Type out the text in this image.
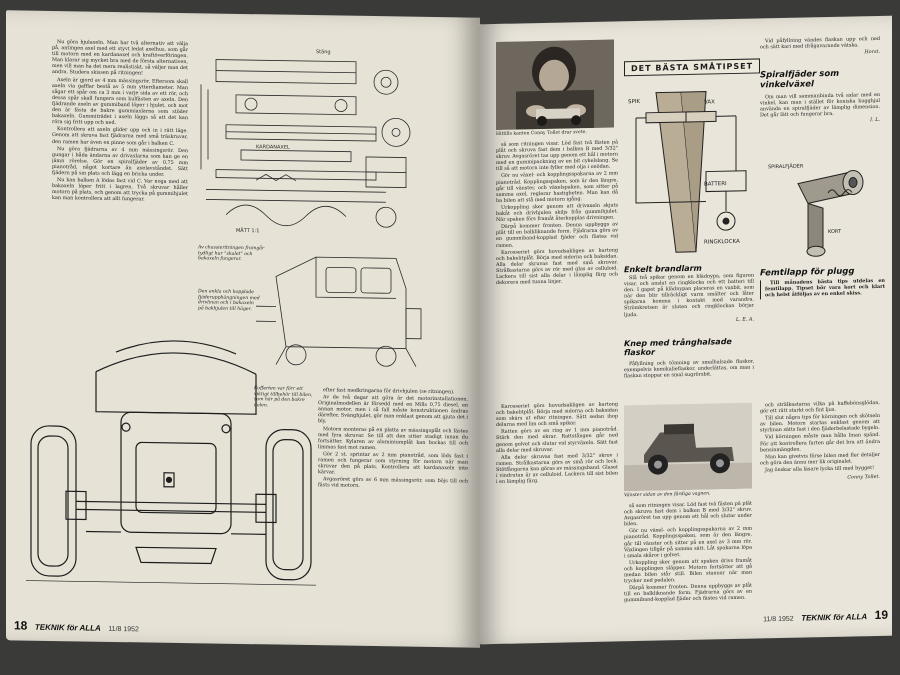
Nu göra hjulaxeln. Man har två alternativ att välja på, antingen axel med ett styvt ledat axelhus, som går till motorn med en kardanaxel och kraftöverföringen. Man klarar sig mycket bra med de första alternativen, men vill man ha det mera realistiskt, så väljer man det andra. Studera skissen på ritningen!

Axeln är gjord av 4 mm mässingsrör. Eftersom skall axeln via gafflar bestå av 5 mm ytterdiameter. Man sågar ett spår om ca 3 mm i varje sida av ett rör, och dessa spår skall fungera som kulfästen av axeln. Den fjädrande axeln av gummiband löper i hjulet, och mot den är fästa de bakre gummiaxlarna som stöder bakaxeln. Gummiträdet i axeln läggs så att det kan röra sig fritt upp och ned.

Kontrollera att axeln glider upp och in i rätt läge. Genom att skruva fast fjädrarna med små träskruvar, den ramen har även en pinne som går i balken C.

Nu göra fjädrarna av 4 mm mässingsrör. Den gungar i båda ändarna av drivaxlarna som kan ge en jämn rörelse. Gör en spiralfjäder av 0,75 mm pianotråd, något kortare än axelavståndet. Sätt fjädern på sin plats och lägg en bricka under.

Nu kan balken A lödas fast vid C. Var noga med att bakaxeln löper fritt i lagren. Två skruvar håller motorn på plats, och genom att trycka på gummihjulet kan man kontrollera att allt fungerar.

Stäng
MÅTT 1:1
KARDANAXEL
Av chassieritningen framgår tydligt hur ”skalet” och bakaxeln fungerar.
Den enkla och kopplade fjäderupphängningen med drivlinan och i bakaxeln på bakhjulen till höger.
Kofferten var förr ett viktigt tillbehör till bilen, som här på den bakre delen.

efter fast medkringarna för drivhjulen (se ritningen).

Av de två dagar att göra är det motorinstallationen. Originalmodellen är försedd med en Mills 0,75 diesel, en annan motor, men i så fall måste konstruktionen ändras därefter. Svänghjulet, gör man enklast genom att gjuta det i bly.

Motorn monteras på en platta av mässingsplåt och fästes med fyra skruvar. Se till att den sitter stadigt innan du fortsätter. Kylaren av aluminiumplåt kan bockas till och limmas fast mot ramen.

Gör 2 st. sprintar av 2 mm pianotråd, som löds fast i ramen och fungerar som styrning för motorn när man skruvar den på plats. Kontrollera att kardanaxeln inte kärvar.

Avgasröret görs av 6 mm mässingsrör, som böjs till och fästs vid motorn.

18 TEKNIK för ALLA 11/8 1952
Hittills kanten Conny Tollet drar svete.

så som ritningen visar. Löd fast två fästen på plåt och skruva fast dem i balken B med 3/32" skruv. Avgasröret tas upp genom ett hål i motorn med en gummipackning av en bit cykelslang. Se till så att motorn inte fyller med olja i onödan.

Gör nu växel- och kopplingsspakarna av 2 mm pianotråd. Kopplingsspaken, som är den längre, går till vänster, och växelspaken, som sitter på samma axel, reglerar hastigheten. Man kan då ha bilen att stå med motorn igång.

Urkoppling sker genom att drivaxeln skjuts bakåt och drivhjulen skiljs från gummihjulet. När spaken förs framåt återkopplas drivningen.

Därpå kommer fronten. Denna uppbyggs av plåt till en balkliknande form. Fjädrarna görs av en gummiband-kopplad fjäder och fästes vid ramen.

Karosseriet görs huvudsakligen av kartong och bakelitplåt. Börja med sidorna och baksidan. Alla delar skruvas fast med små skruvar. Strålkastarna görs av rör med glas av celluloid. Lackera till sist alla delar i lämplig färg och dekorera med tunna linjer.

Karosseriet görs huvudsakligen av kartong och bakelitplåt. Börja med sidorna och baksidan som skärs ut efter ritningen. Sätt sedan ihop delarna med lim och små spikar.

Ratten görs av en ring av 1 mm pianotråd. Stärk den med ekrar. Rattstången går ned genom golvet och slutar vid styrväxeln. Sätt fast alla delar med skruvar.

Alla delar skruvas fast med 3/32" skruv i ramen. Strålkastarna görs av små rör och lock. Stötfångarna kan göras av mässingsband. Glaset i vindrutan är av celluloid. Lackera till sist bilen i en lämplig färg.

DET BÄSTA SMÅTIPSET
SPIK	VAX
BATTERI
RINGKLOCKA
Enkelt brandlarm

Slå två spikar genom en klädnypa, som figuren visar, och anslut en ringklocka och ett batteri till den. I gapet på klädnypan placeras en vaxbit, som när den blir tillräckligt varm smälter och låter spikarna komma i kontakt med varandra. Strömkretsen är sluten och ringklockan börjar ljuda.

L. E. A.

Knep med trånghalsade flaskor

Påfyllning och tömning av smalhalsade flaskor, exempelvis kemikalieflaskor, underlättas, om man i flaskan stoppar en smal sugrörsbit.

Vänster sidan av den färdiga vagnen.

så som ritningen visar. Löd fast två fästen på plåt och skruva fast dem i balken B med 3/32" skruv. Avgasröret tas upp genom ett hål och slutar under bilen.

Gör nu växel- och kopplingsspakarna av 2 mm pianotråd. Kopplingsspaken, som är den längre, går till vänster och sitter på en axel av 3 mm rör. Växlingen tillgår på samma sätt. Låt spakarna löpa i smala skåror i golvet.

Urkoppling sker genom att spaken drivs framåt och kopplingen släpper. Motorn fortsätter att gå medan bilen står still. Bilen stannar när man trycker ned pedalen.

Därpå kommer fronten. Denna uppbyggs av plåt till en balkliknande form. Fjädrarna görs av en gummiband-kopplad fjäder och fästes vid ramen.

Vid påfyllning vändes flaskan upp och ned och sätt kari med ifrågavarande vätska.

Horst.

Spiralfjäder som vinkelväxel

Om man vill sammanbinda två axlar med en vinkel, kan man i stället för koniska kugghjul använda en spiralfjäder av lämplig dimension. Det går lätt och fungerar bra.

I. L.

SPIRALFJÄDER
KORT
Femtilapp för plugg

Till månadens bästa tips utdelas en femtilapp. Tipset bör vara kort och klart och helst åtföljas av en enkel skiss.

och strålkastarna vilka på kaffebönsglödan, gör ett rätt starkt och fint ljus.

Till slut några tips för körningen och skötseln av bilen. Motorn startas enklast genom att styrlinan sätts fast i den fjäderbelastade bygeln.

Vid körningen måste man hålla linan spänd. För att kontrollera farten går det bra att ändra bensinmängden.

Man kan givetvis förse bilen med fler detaljer och göra den ännu mer lik originalet.

Jag önskar alla läsare lycka till med bygget!

Conny Tollet.

11/8 1952 TEKNIK för ALLA 19
